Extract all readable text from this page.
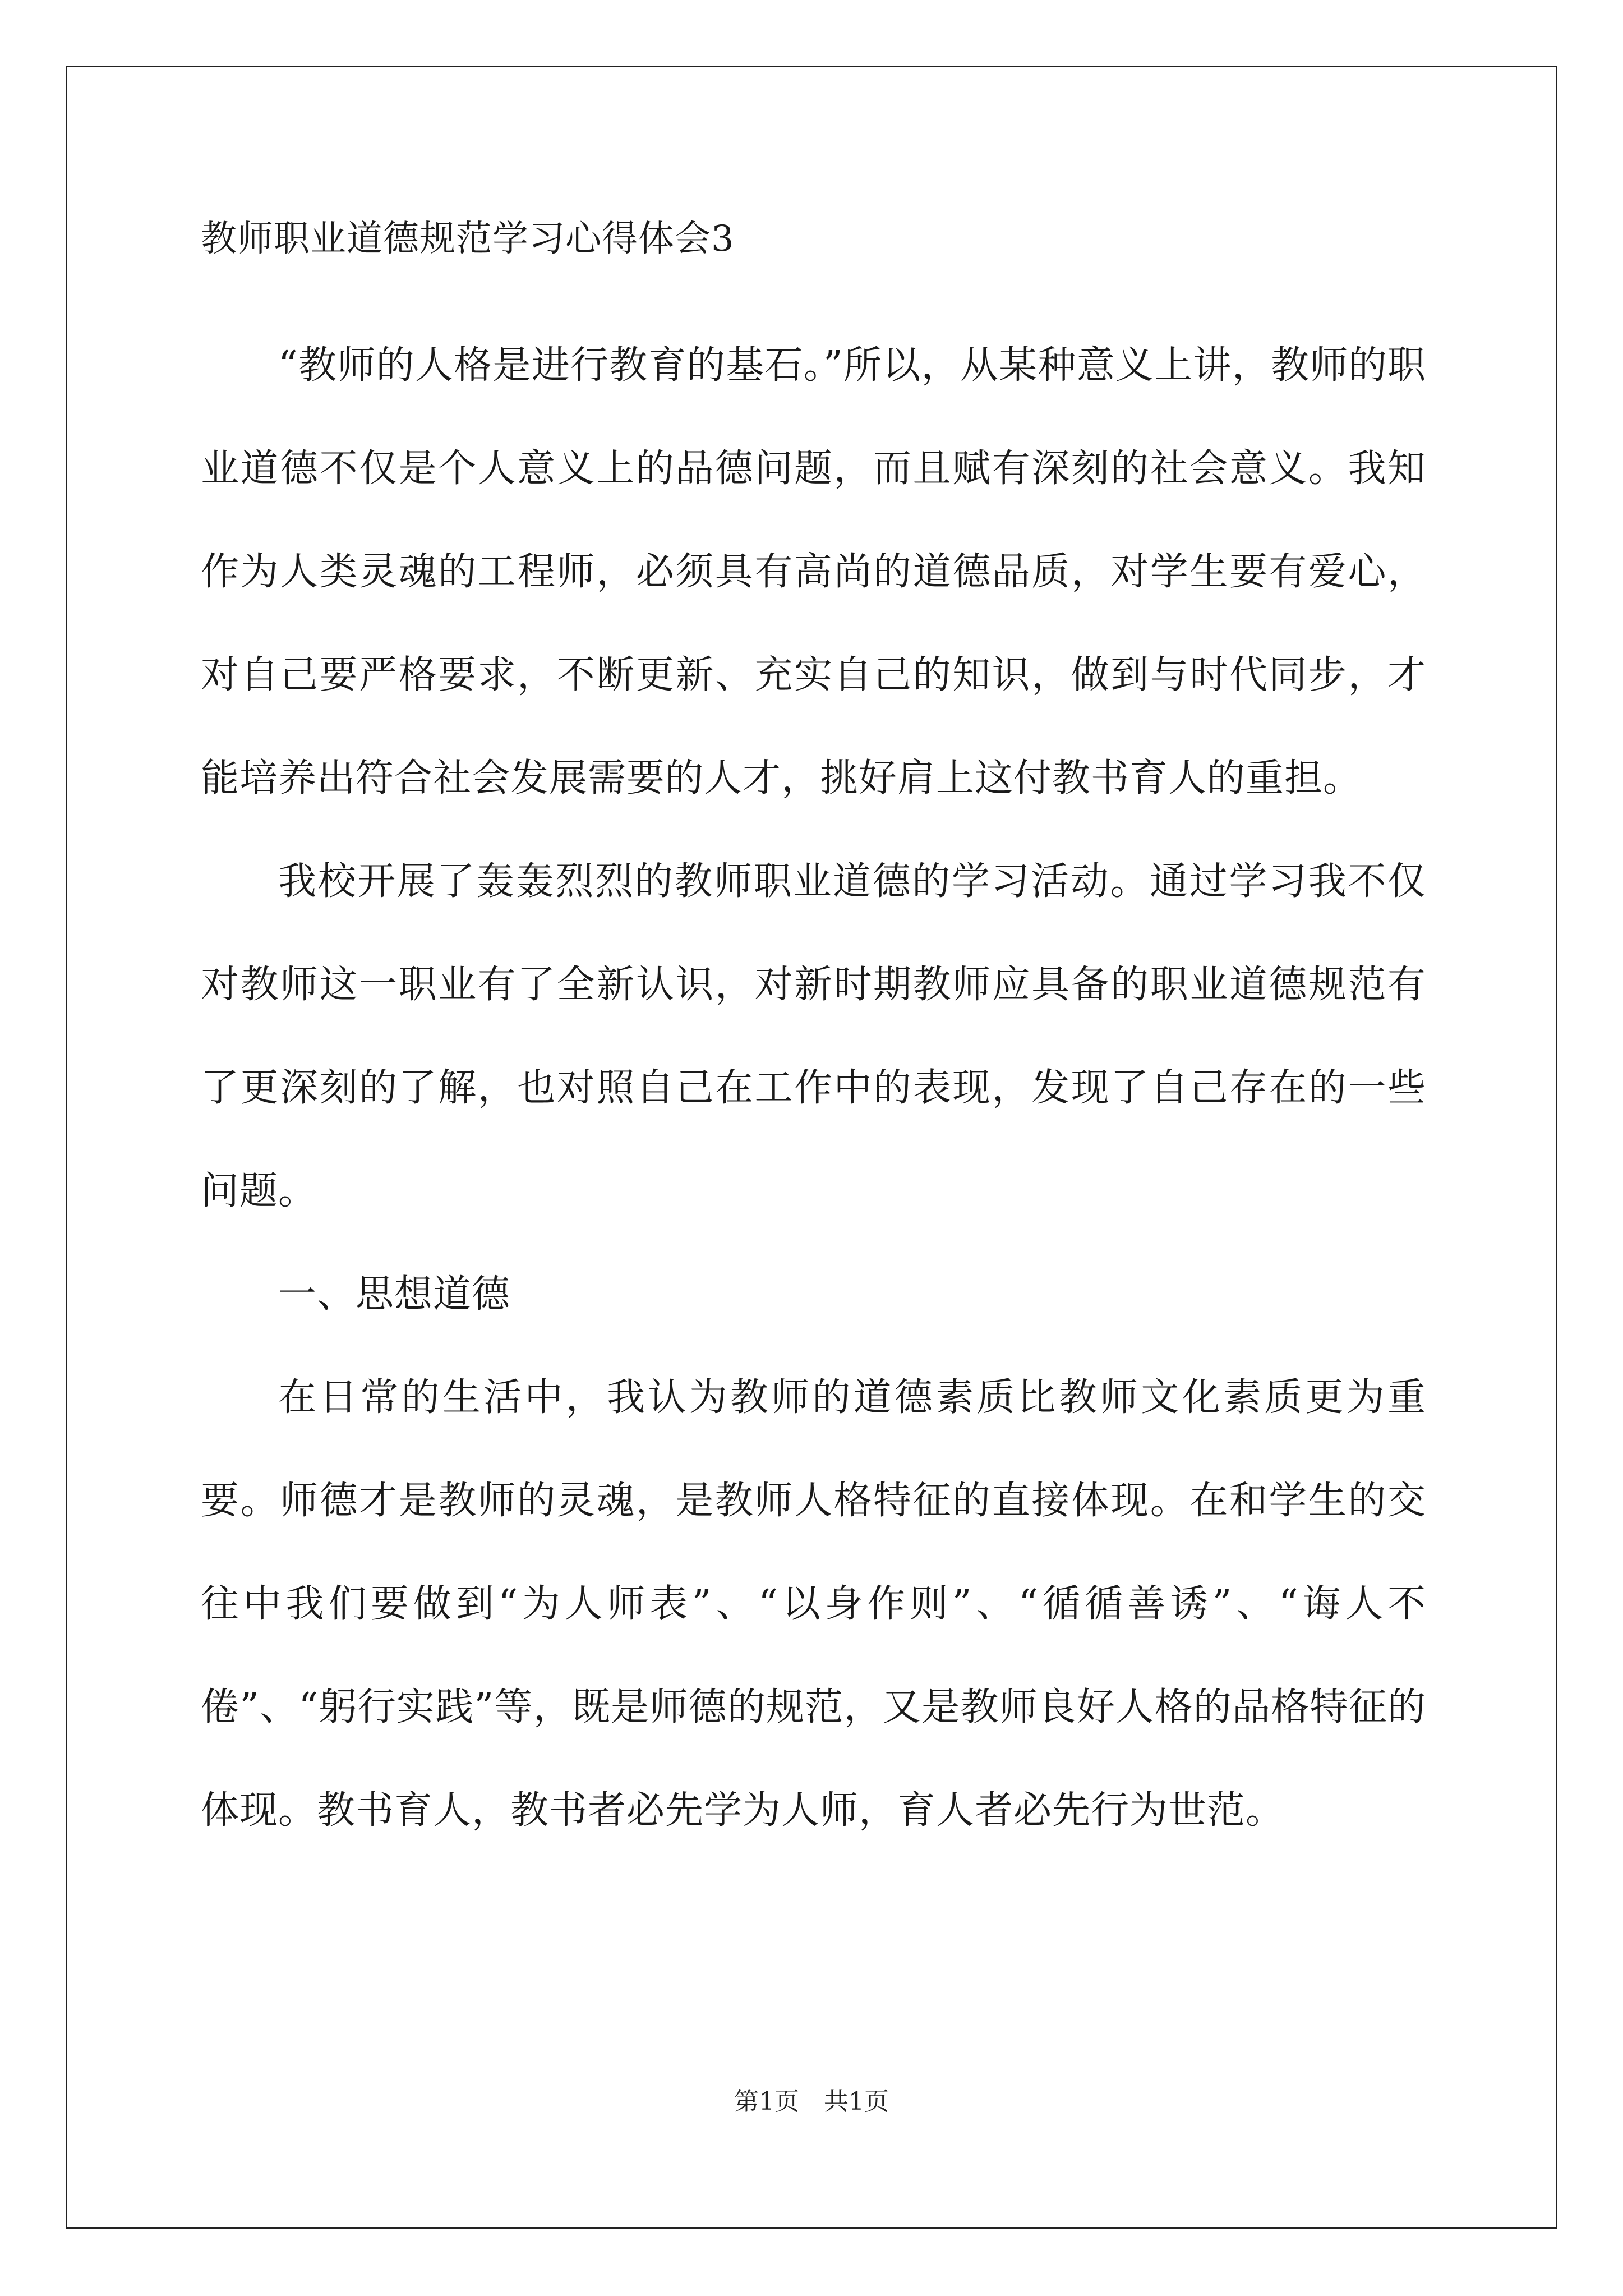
教师职业道德规范学习心得体会3

“教师的人格是进行教育的基石。”所以，从某种意义上讲，教师的职业道德不仅是个人意义上的品德问题，而且赋有深刻的社会意义。我知作为人类灵魂的工程师，必须具有高尚的道德品质，对学生要有爱心，对自己要严格要求，不断更新、充实自己的知识，做到与时代同步，才能培养出符合社会发展需要的人才，挑好肩上这付教书育人的重担。

我校开展了轰轰烈烈的教师职业道德的学习活动。通过学习我不仅对教师这一职业有了全新认识，对新时期教师应具备的职业道德规范有了更深刻的了解，也对照自己在工作中的表现，发现了自己存在的一些问题。

一、思想道德

在日常的生活中，我认为教师的道德素质比教师文化素质更为重要。师德才是教师的灵魂，是教师人格特征的直接体现。在和学生的交往中我们要做到“为人师表”、“以身作则”、“循循善诱”、“诲人不倦”、“躬行实践”等，既是师德的规范，又是教师良好人格的品格特征的体现。教书育人，教书者必先学为人师，育人者必先行为世范。

第1页 共1页
